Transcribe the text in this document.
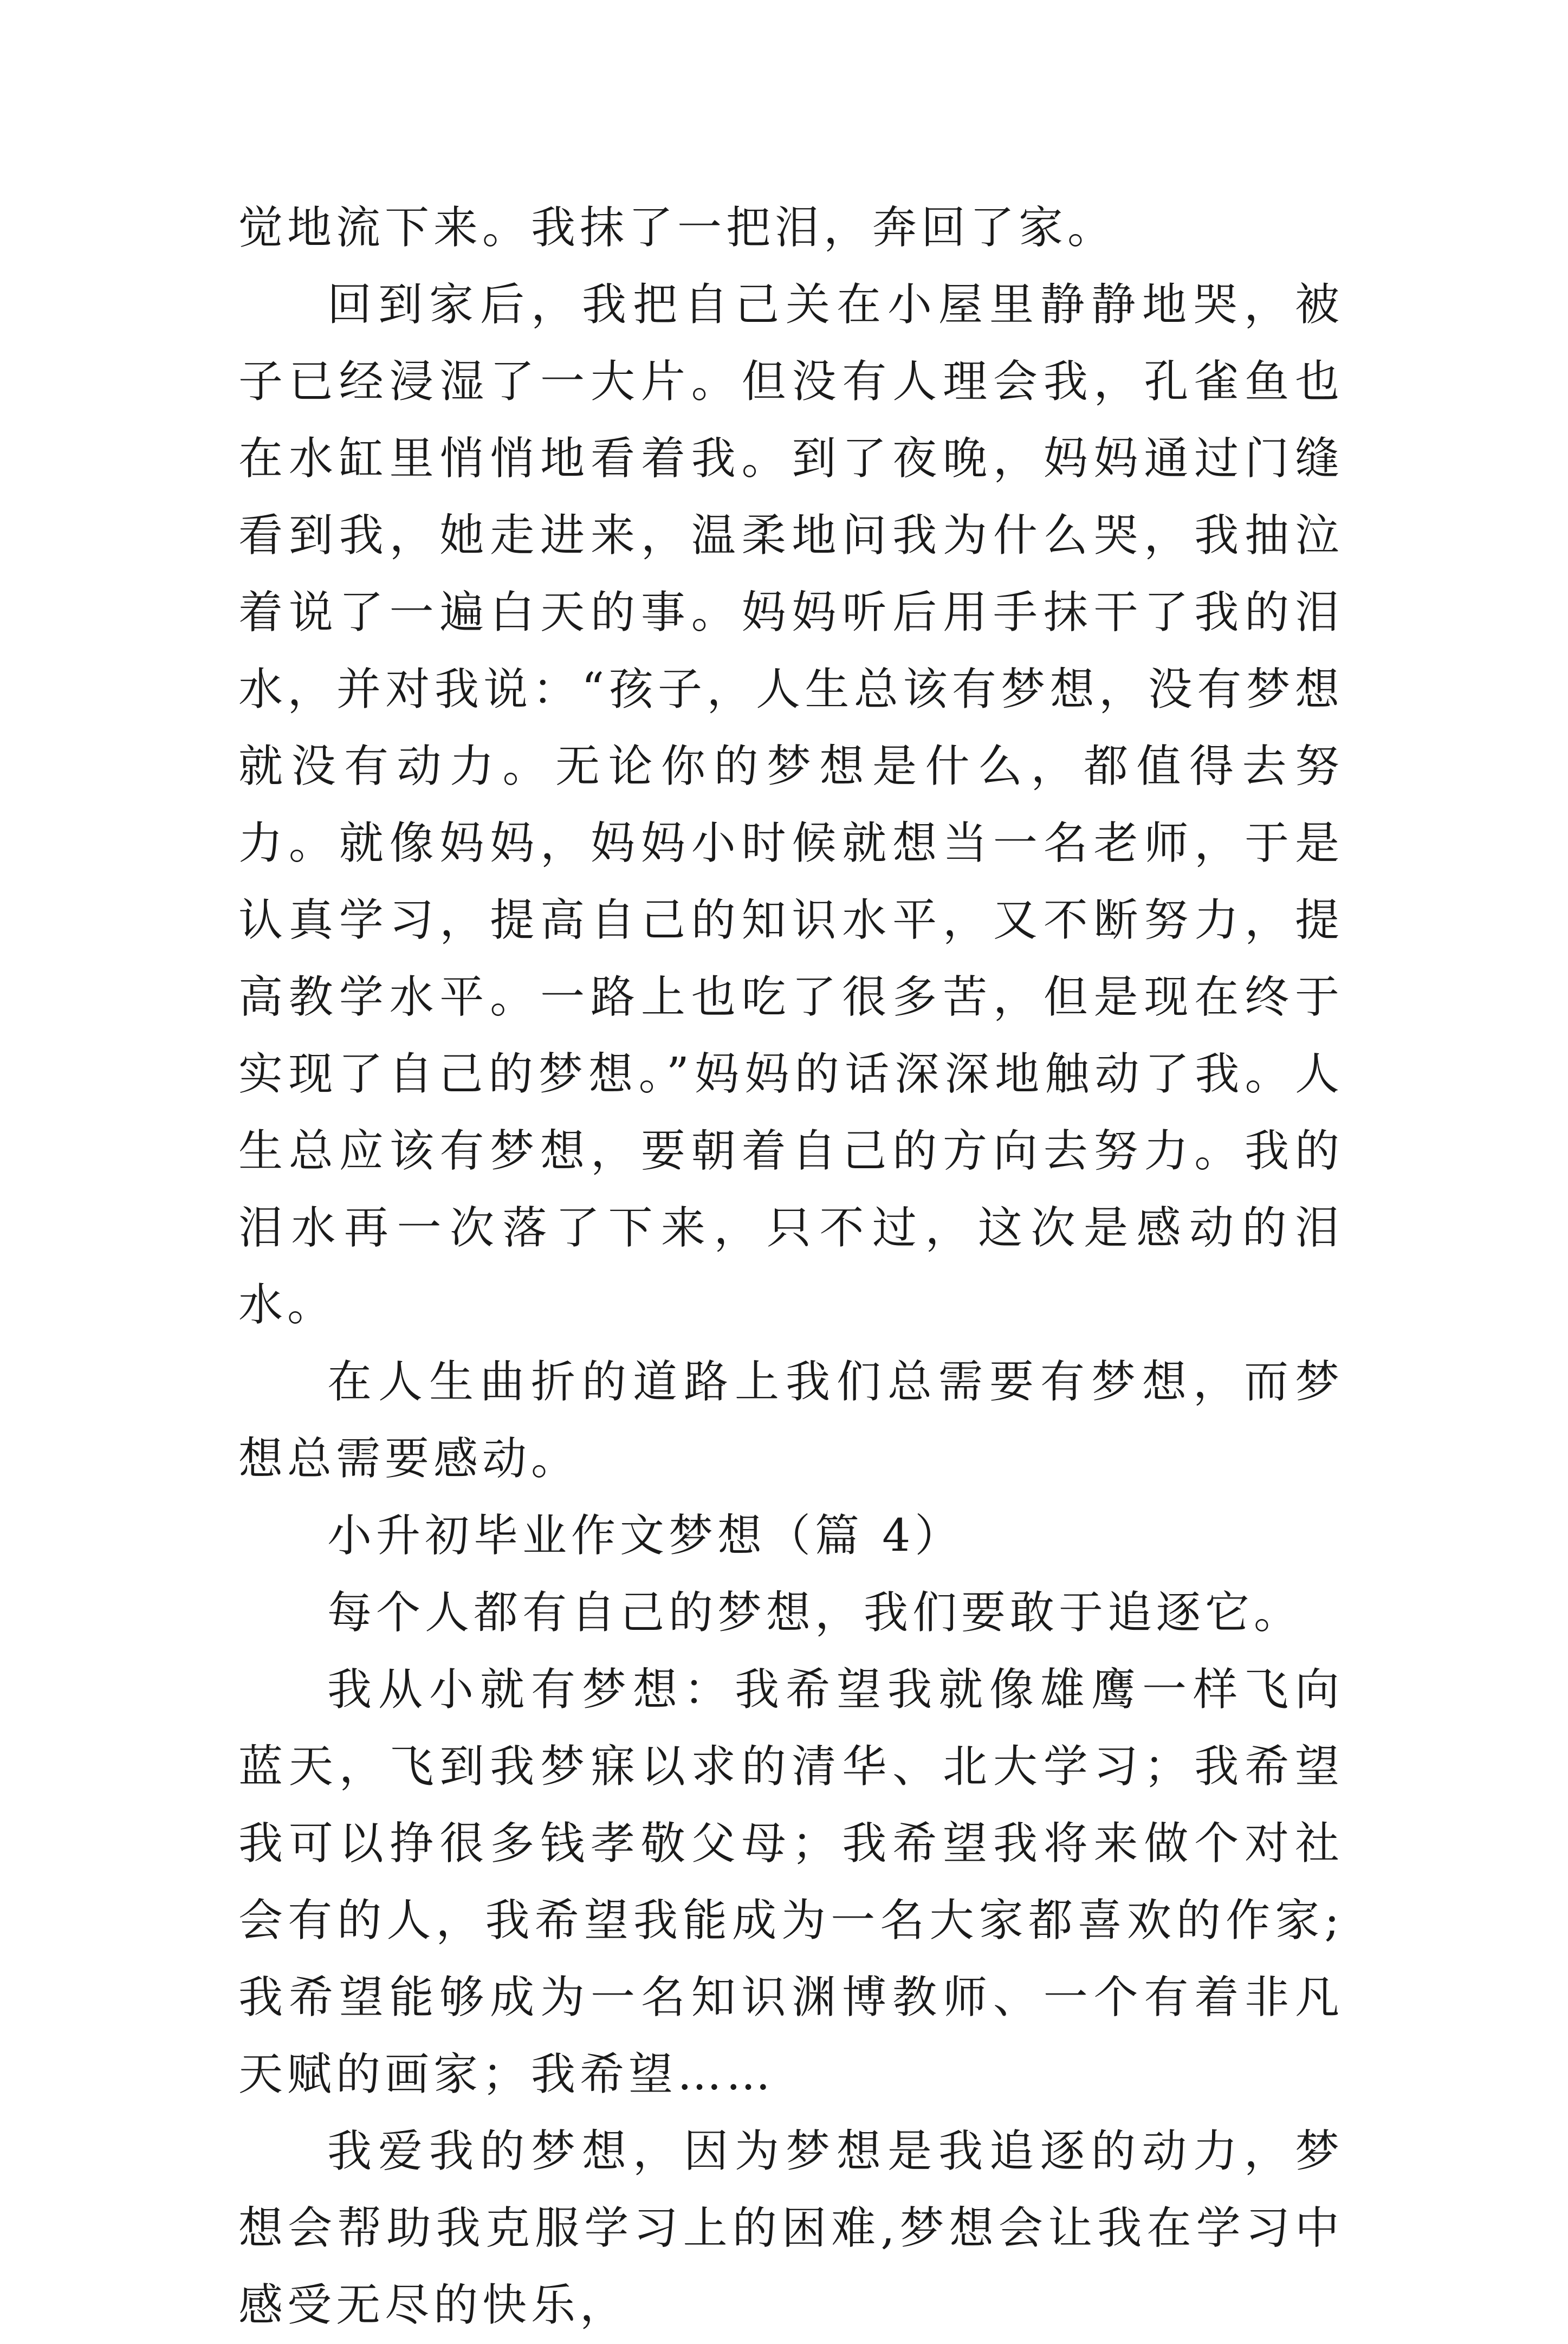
觉地流下来。我抹了一把泪，奔回了家。

回到家后，我把自己关在小屋里静静地哭，被子已经浸湿了一大片。但没有人理会我，孔雀鱼也在水缸里悄悄地看着我。到了夜晚，妈妈通过门缝看到我，她走进来，温柔地问我为什么哭，我抽泣着说了一遍白天的事。妈妈听后用手抹干了我的泪水，并对我说：“孩子，人生总该有梦想，没有梦想就没有动力。无论你的梦想是什么，都值得去努力。就像妈妈，妈妈小时候就想当一名老师，于是认真学习，提高自己的知识水平，又不断努力，提高教学水平。一路上也吃了很多苦，但是现在终于实现了自己的梦想。”妈妈的话深深地触动了我。人生总应该有梦想，要朝着自己的方向去努力。我的泪水再一次落了下来，只不过，这次是感动的泪水。

在人生曲折的道路上我们总需要有梦想，而梦想总需要感动。

小升初毕业作文梦想（篇 4）

每个人都有自己的梦想，我们要敢于追逐它。

我从小就有梦想：我希望我就像雄鹰一样飞向蓝天，飞到我梦寐以求的清华、北大学习；我希望我可以挣很多钱孝敬父母；我希望我将来做个对社会有的人，我希望我能成为一名大家都喜欢的作家;我希望能够成为一名知识渊博教师、一个有着非凡天赋的画家；我希望……

我爱我的梦想，因为梦想是我追逐的动力，梦想会帮助我克服学习上的困难,梦想会让我在学习中感受无尽的快乐，
